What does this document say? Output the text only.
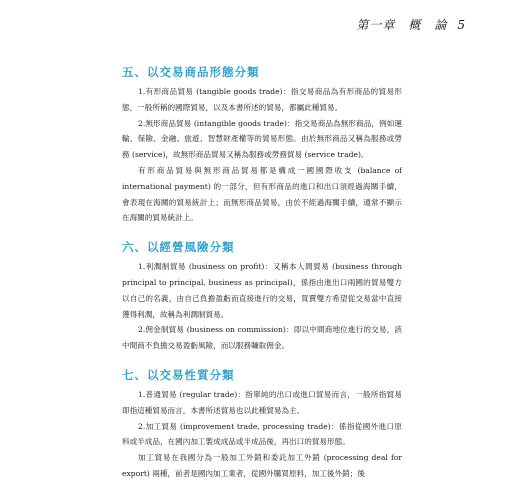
第一章　概　論 5
五、以交易商品形態分類

1.有形商品貿易 (tangible goods trade)：指交易商品為有形商品的貿易形態，一般所稱的國際貿易，以及本書所述的貿易，都屬此種貿易。

2.無形商品貿易 (intangible goods trade)：指交易商品為無形商品，例如運輸、保險、金融、旅遊、智慧財產權等的貿易形態。由於無形商品又稱為服務或勞務 (service)，故無形商品貿易又稱為服務或勞務貿易 (service trade)。

有形商品貿易與無形商品貿易都是構成一國國際收支 (balance of international payment) 的一部分，但有形商品的進口和出口須經過海關手續，會表現在海關的貿易統計上；而無形商品貿易，由於不經過海關手續，通常不顯示在海關的貿易統計上。

六、以經營風險分類

1.利潤制貿易 (business on profit)：又稱本人間貿易 (business through principal to principal, business as principal)，係指由進出口兩國的貿易雙方以自己的名義，由自己負擔盈虧而直接進行的交易，買賣雙方希望從交易當中直接獲得利潤，故稱為利潤制貿易。

2.佣金制貿易 (business on commission)：即以中間商地位進行的交易，該中間商不負擔交易盈虧風險，而以服務賺取佣金。

七、以交易性質分類

1.普通貿易 (regular trade)：指單純的出口或進口貿易而言，一般所指貿易即指這種貿易而言，本書所述貿易也以此種貿易為主。

2.加工貿易 (improvement trade, processing trade)：係指從國外進口原料或半成品，在國內加工製成成品或半成品後，再出口的貿易形態。

加工貿易在我國分為一般加工外銷和委託加工外銷 (processing deal for export) 兩種，前者是國內加工業者，從國外購買原料，加工後外銷；後
